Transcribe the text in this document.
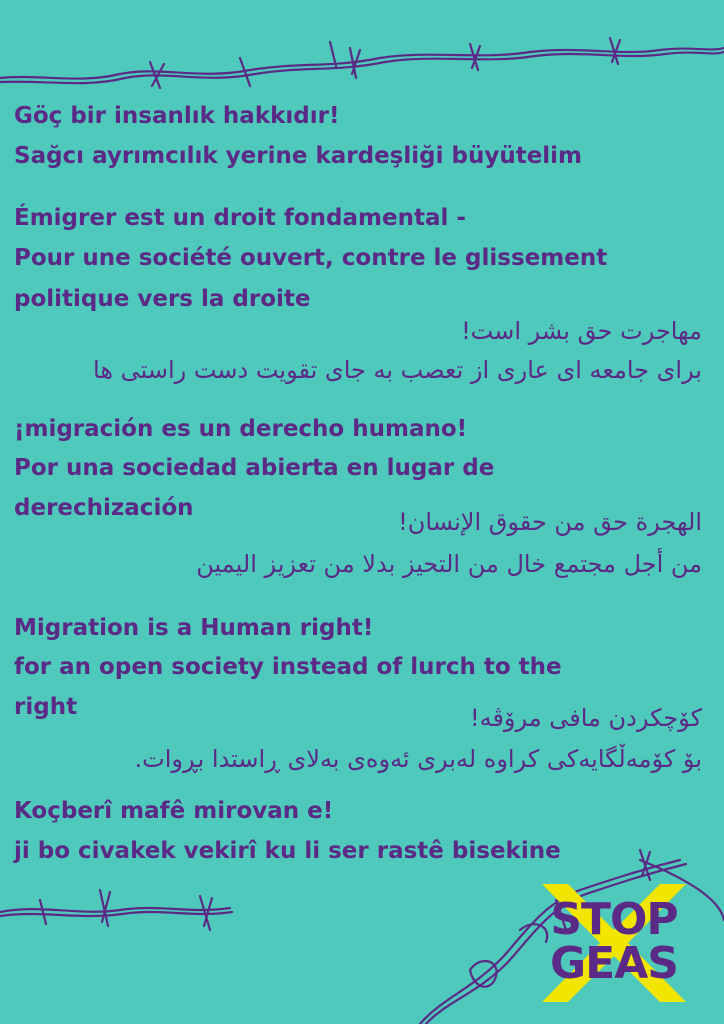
Göç bir insanlık hakkıdır!

Sağcı ayrımcılık yerine kardeşliği büyütelim

Émigrer est un droit fondamental -

Pour une société ouvert, contre le glissement

politique vers la droite

مهاجرت حق بشر است!

برای جامعه ای عاری از تعصب به جای تقویت دست راستی ها

¡migración es un derecho humano!

Por una sociedad abierta en lugar de

derechización	الهجرة حق من حقوق الإنسان!

من أجل مجتمع خال من التحيز بدلا من تعزيز اليمين

Migration is a Human right!

for an open society instead of lurch to the

right	کۆچکردن مافی مرۆڤه!

بۆ کۆمەڵگایەکی کراوە لەبری ئەوەی بەلای ڕاستدا بڕوات.

Koçberî mafê mirovan e!

ji bo civakek vekirî ku li ser rastê bisekine

STOP
GEAS
